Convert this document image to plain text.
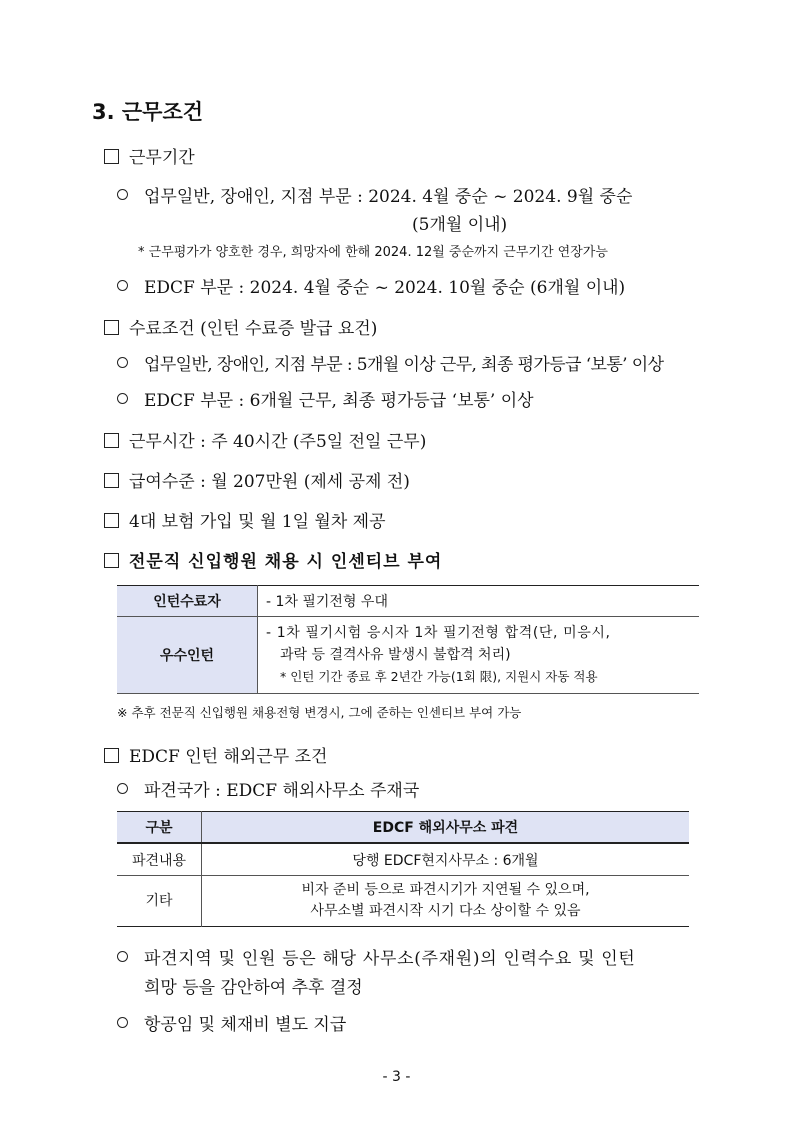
3. 근무조건
근무기간
업무일반, 장애인, 지점 부문 : 2024. 4월 중순 ~ 2024. 9월 중순
(5개월 이내)
* 근무평가가 양호한 경우, 희망자에 한해 2024. 12월 중순까지 근무기간 연장가능
EDCF 부문 : 2024. 4월 중순 ~ 2024. 10월 중순 (6개월 이내)
수료조건 (인턴 수료증 발급 요건)
업무일반, 장애인, 지점 부문 : 5개월 이상 근무, 최종 평가등급 ‘보통’ 이상
EDCF 부문 : 6개월 근무, 최종 평가등급 ‘보통’ 이상
근무시간 : 주 40시간 (주5일 전일 근무)
급여수준 : 월 207만원 (제세 공제 전)
4대 보험 가입 및 월 1일 월차 제공
전문직 신입행원 채용 시 인센티브 부여
인턴수료자	- 1차 필기전형 우대
우수인턴	- 1차 필기시험 응시자 1차 필기전형 합격(단, 미응시,
과락 등 결격사유 발생시 불합격 처리)
* 인턴 기간 종료 후 2년간 가능(1회 限), 지원시 자동 적용
※ 추후 전문직 신입행원 채용전형 변경시, 그에 준하는 인센티브 부여 가능
EDCF 인턴 해외근무 조건
파견국가 : EDCF 해외사무소 주재국
구분	EDCF 해외사무소 파견
파견내용	당행 EDCF현지사무소 : 6개월
기타	비자 준비 등으로 파견시기가 지연될 수 있으며,
사무소별 파견시작 시기 다소 상이할 수 있음
파견지역 및 인원 등은 해당 사무소(주재원)의 인력수요 및 인턴
희망 등을 감안하여 추후 결정
항공임 및 체재비 별도 지급
- 3 -
